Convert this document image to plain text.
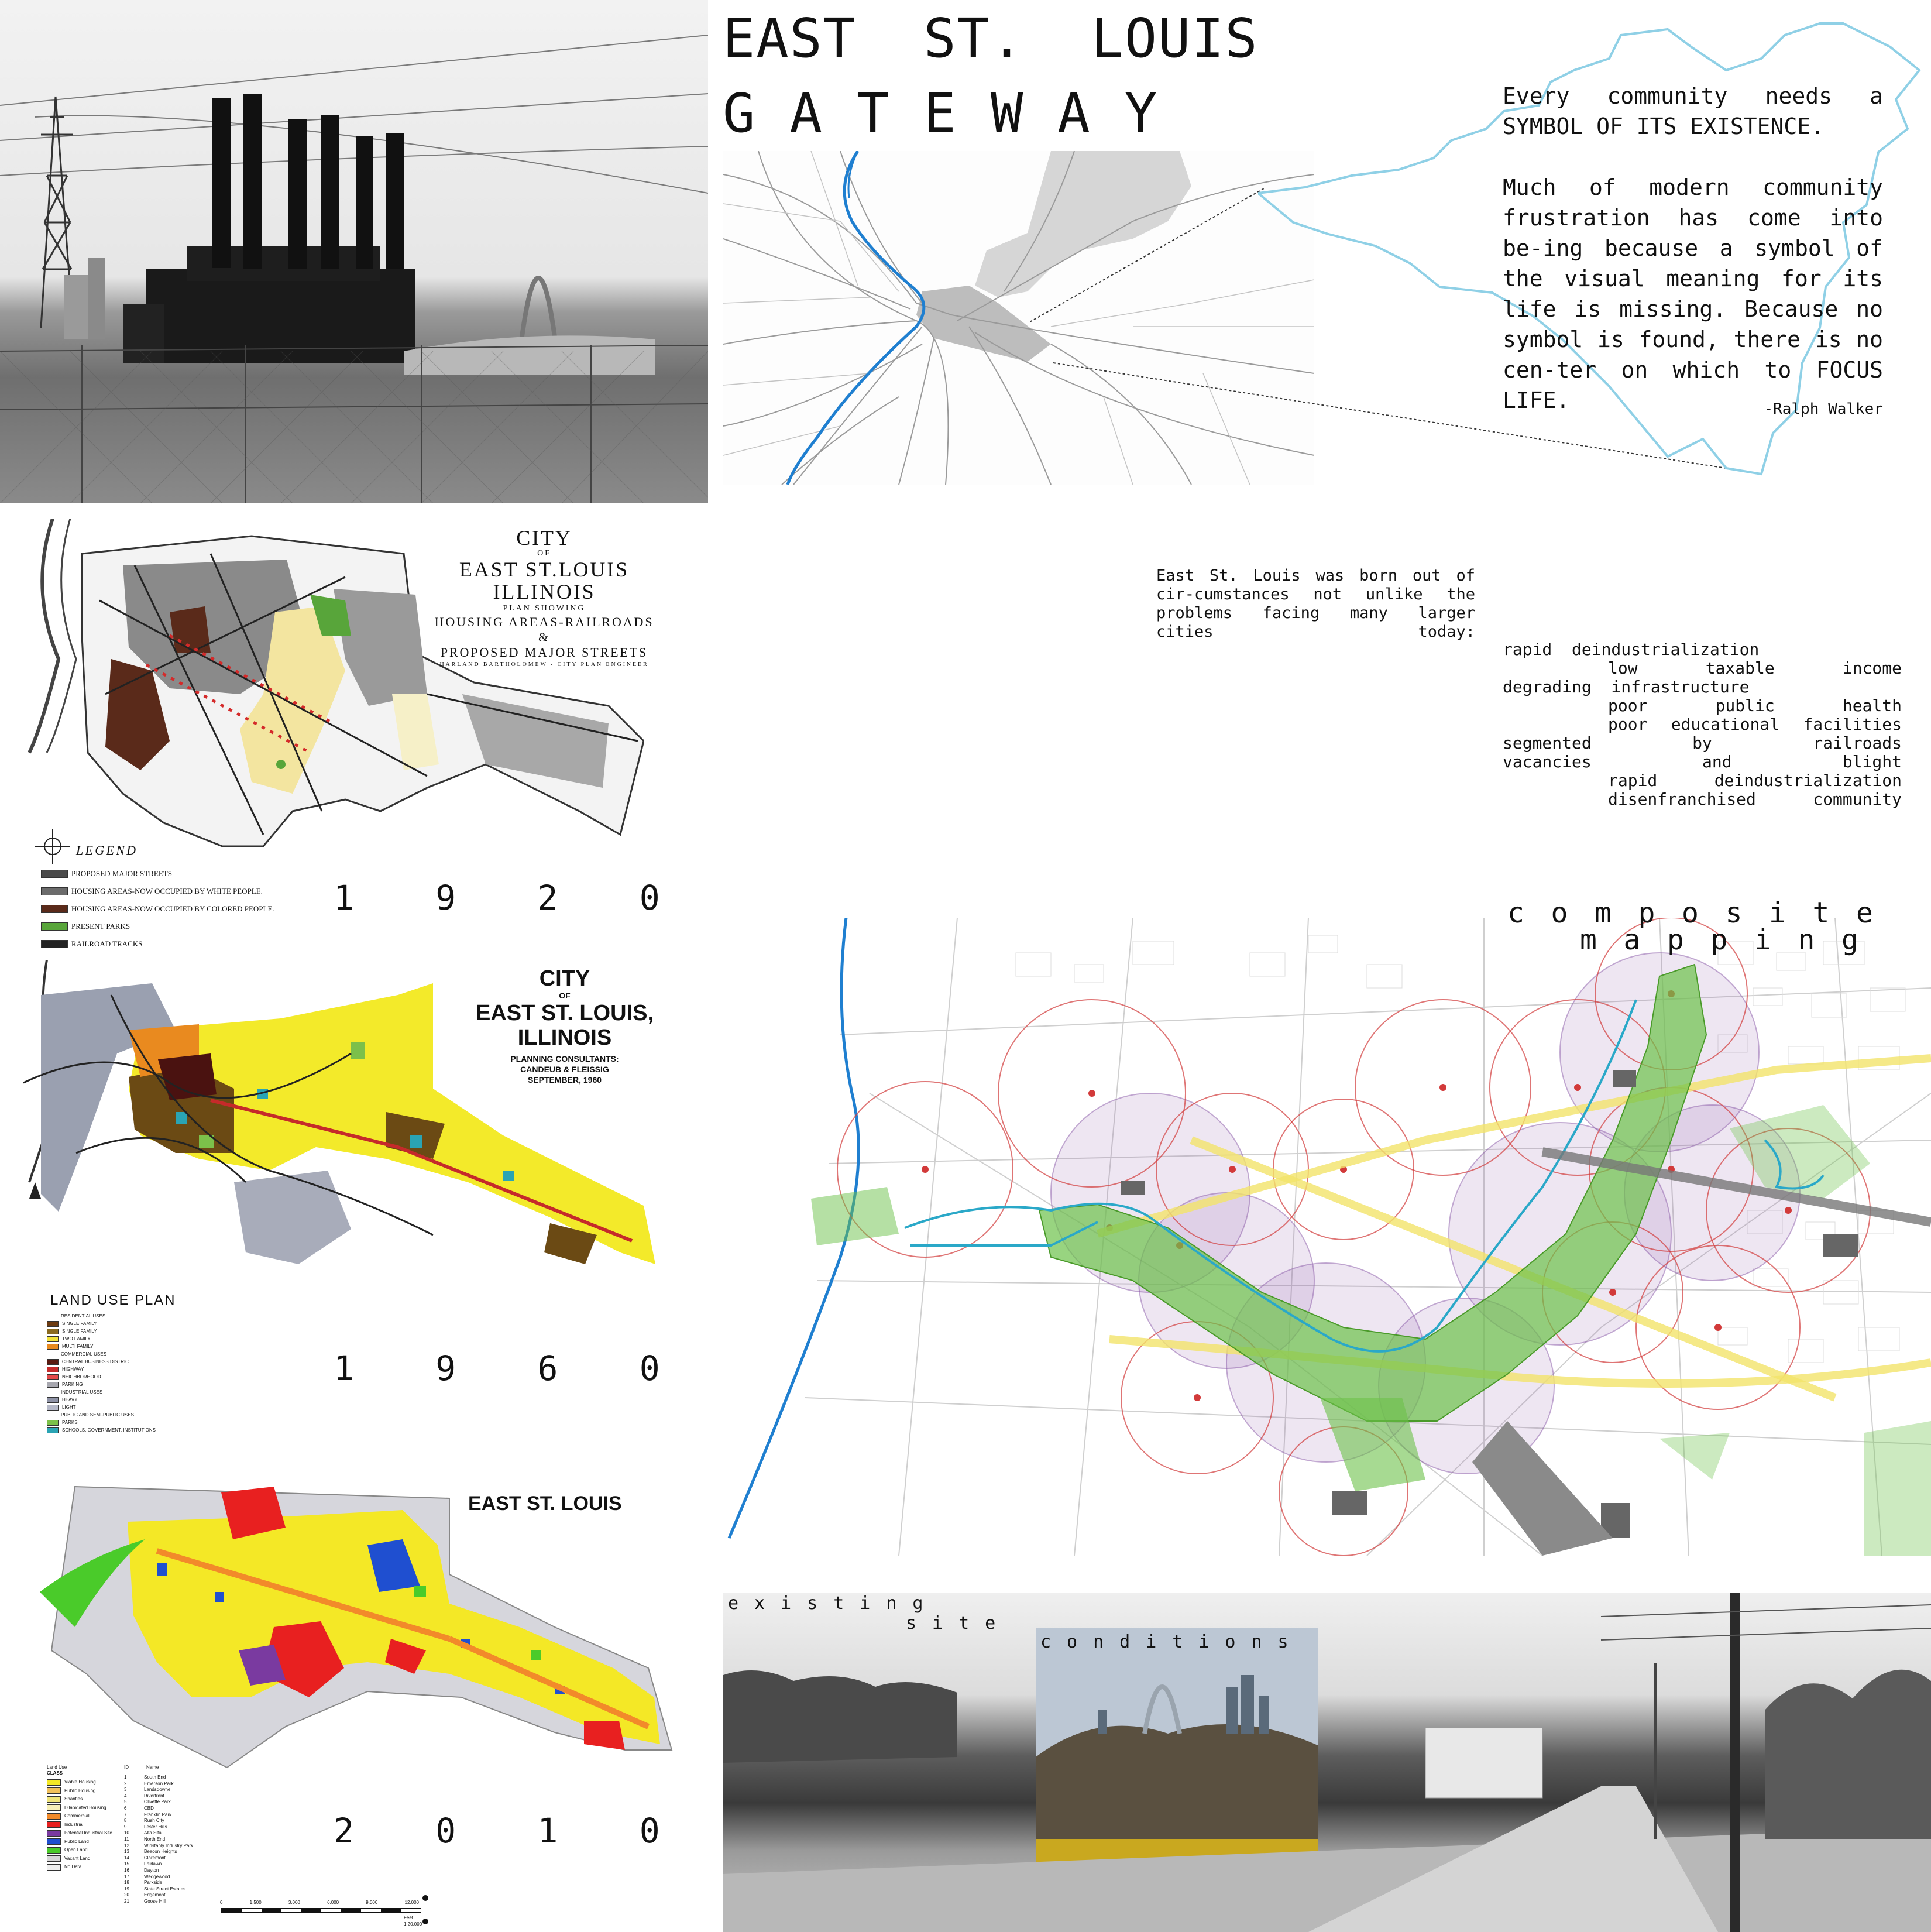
EAST  ST.  LOUIS
G A T E W A Y	Every community needs a SYMBOL OF ITS EXISTENCE.

Much of modern community frustration has come into be-ing because a symbol of the visual meaning for its life is missing. Because no symbol is found, there is no cen-ter on which to FOCUS LIFE.	-Ralph Walker
East St. Louis was born out of cir-cumstances not unlike the problems facing many larger cities today:
rapid  deindustrialization
low	taxable	income
degrading  infrastructure
poor	public	health
poor educational facilities
segmented	by	railroads
vacancies	and	blight
rapid	deindustrialization
disenfranchised	community
CITY
OF
EAST ST.LOUIS
ILLINOIS
PLAN SHOWING
HOUSING AREAS-RAILROADS &
PROPOSED MAJOR STREETS
HARLAND BARTHOLOMEW - CITY PLAN ENGINEER
LEGEND
PROPOSED MAJOR STREETS
HOUSING AREAS-NOW OCCUPIED BY WHITE PEOPLE.
HOUSING AREAS-NOW OCCUPIED BY COLORED PEOPLE.
PRESENT PARKS
RAILROAD TRACKS
1 9 2 0
CITY
OF
EAST ST. LOUIS,
ILLINOIS
PLANNING CONSULTANTS:
CANDEUB & FLEISSIG
SEPTEMBER, 1960
LAND USE PLAN
RESIDENTIAL USES
SINGLE FAMILY
SINGLE FAMILY
TWO FAMILY
MULTI FAMILY
COMMERCIAL USES
CENTRAL BUSINESS DISTRICT
HIGHWAY
NEIGHBORHOOD
PARKING
INDUSTRIAL USES
HEAVY
LIGHT
PUBLIC AND SEMI-PUBLIC USES
PARKS
SCHOOLS, GOVERNMENT, INSTITUTIONS
1 9 6 0
EAST ST. LOUIS
Land Use
CLASS
Viable Housing
Public Housing
Shanties
Dilapidated Housing
Commercial
Industrial
Potential Industrial Site
Public Land
Open Land
Vacant Land
No Data
ID	Name
1	South End
2	Emerson Park
3	Landsdowne
4	Riverfront
5	Olivette Park
6	CBD
7	Franklin Park
8	Rush City
9	Lester Hills
10	Alta Sita
11	North End
12	Winstanly Industry Park
13	Beacon Heights
14	Claremont
15	Fairlawn
16	Dayton
17	Wedgewood
18	Parkside
19	State Street Estates
20	Edgemont
21	Goose Hill
2 0 1 0
0	1,500	3,000	6,000	9,000	12,000
Feet
1:20,000
composite
mapping
existing
site
conditions
